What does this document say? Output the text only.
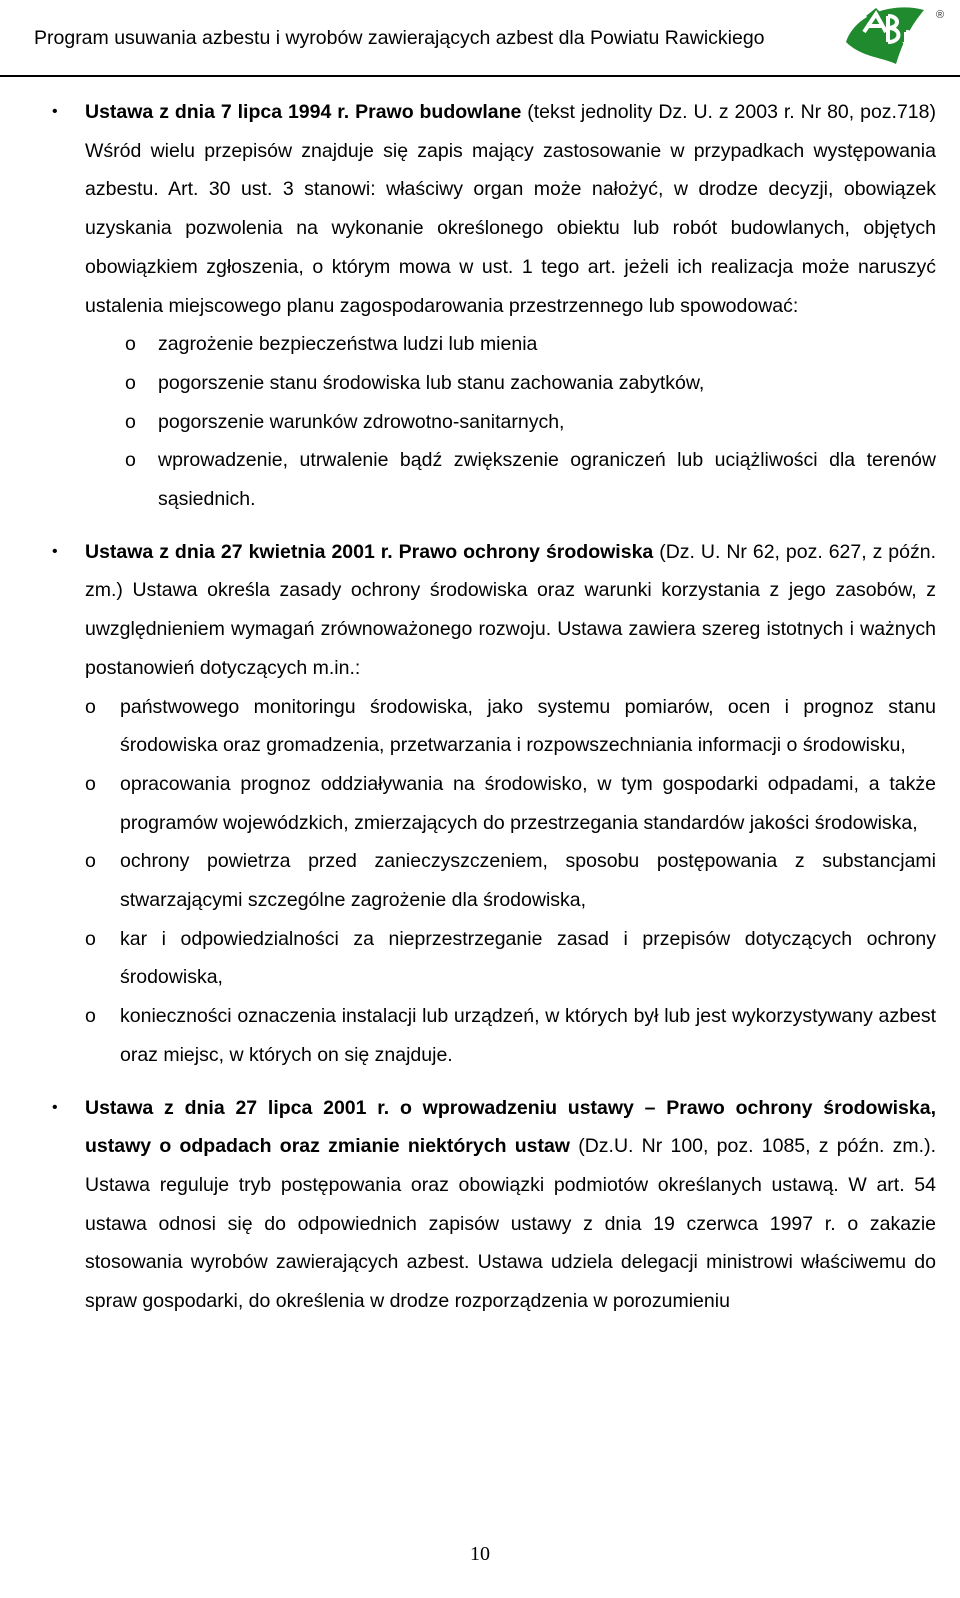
Program usuwania azbestu i wyrobów zawierających azbest dla Powiatu Rawickiego
®
• Ustawa z dnia 7 lipca 1994 r. Prawo budowlane (tekst jednolity Dz. U. z 2003 r. Nr 80, poz.718) Wśród wielu przepisów znajduje się zapis mający zastosowanie w przypadkach występowania azbestu. Art. 30 ust. 3 stanowi: właściwy organ może nałożyć, w drodze decyzji, obowiązek uzyskania pozwolenia na wykonanie określonego obiektu lub robót budowlanych, objętych obowiązkiem zgłoszenia, o którym mowa w ust. 1 tego art. jeżeli ich realizacja może naruszyć ustalenia miejscowego planu zagospodarowania przestrzennego lub spowodować:

o zagrożenie bezpieczeństwa ludzi lub mienia
o pogorszenie stanu środowiska lub stanu zachowania zabytków,
o pogorszenie warunków zdrowotno-sanitarnych,
o wprowadzenie, utrwalenie bądź zwiększenie ograniczeń lub uciążliwości dla terenów sąsiednich.
• Ustawa z dnia 27 kwietnia 2001 r. Prawo ochrony środowiska (Dz. U. Nr 62, poz. 627, z późn. zm.) Ustawa określa zasady ochrony środowiska oraz warunki korzystania z jego zasobów, z uwzględnieniem wymagań zrównoważonego rozwoju. Ustawa zawiera szereg istotnych i ważnych postanowień dotyczących m.in.:

o państwowego monitoringu środowiska, jako systemu pomiarów, ocen i prognoz stanu środowiska oraz gromadzenia, przetwarzania i rozpowszechniania informacji o środowisku,
o opracowania prognoz oddziaływania na środowisko, w tym gospodarki odpadami, a także programów wojewódzkich, zmierzających do przestrzegania standardów jakości środowiska,
o ochrony powietrza przed zanieczyszczeniem, sposobu postępowania z substancjami stwarzającymi szczególne zagrożenie dla środowiska,
o kar i odpowiedzialności za nieprzestrzeganie zasad i przepisów dotyczących ochrony środowiska,
o konieczności oznaczenia instalacji lub urządzeń, w których był lub jest wykorzystywany azbest oraz miejsc, w których on się znajduje.
• Ustawa z dnia 27 lipca 2001 r. o wprowadzeniu ustawy – Prawo ochrony środowiska, ustawy o odpadach oraz zmianie niektórych ustaw (Dz.U. Nr 100, poz. 1085, z późn. zm.). Ustawa reguluje tryb postępowania oraz obowiązki podmiotów określanych ustawą. W art. 54 ustawa odnosi się do odpowiednich zapisów ustawy z dnia 19 czerwca 1997 r. o zakazie stosowania wyrobów zawierających azbest. Ustawa udziela delegacji ministrowi właściwemu do spraw gospodarki, do określenia w drodze rozporządzenia w porozumieniu

10
